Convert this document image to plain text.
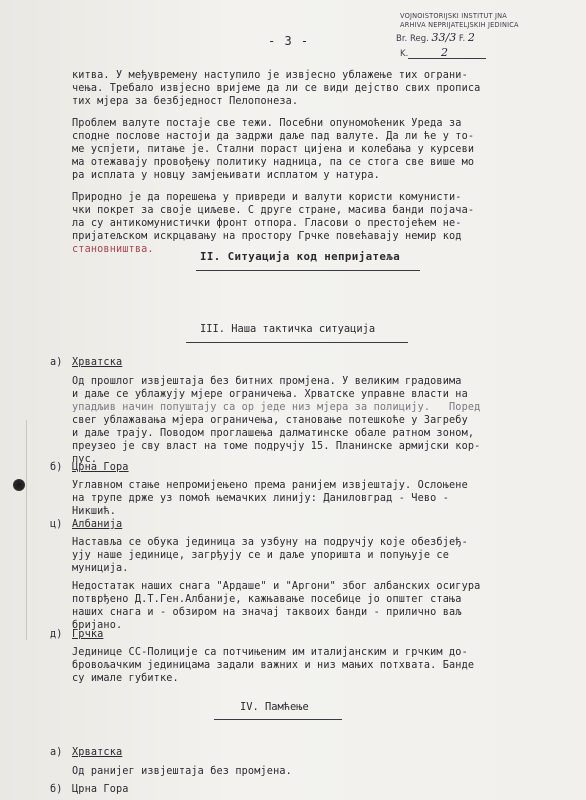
VOJNOISTORIJSKI INSTITUT JNA
ARHIVA NEPRIJATELJSKIH JEDINICA
Br. Reg. 33/3 F. 2
K.	2
- 3 -
китва. У међувремену наступило је извјесно ублажење тих ограни-
чења. Требало извјесно вријеме да ли се види дејство свих прописа
тих мјера за безбједност Пелопонеза.
Проблем валуте постаје све тежи. Посебни опуномоћеник Уреда за
сподне послове настоји да задржи даље пад валуте. Да ли ће у то-
ме успјети, питање је. Стални пораст цијена и колебања у курсеви
ма отежавају провођењу политику надница, па се стога све више мо
ра исплата у новцу замјењивати исплатом у натура.
Природно је да порешења у привреди и валути користи комунисти-
чки покрет за своје циљеве. С друге стране, масива банди појача-
ла су антикомунистички фронт отпора. Гласови о престојећем не-
пријатељском искрцавању на простору Грчке повећавају немир код
становништва.
II. Ситуација код непријатеља
III. Наша тактичка ситуација
а) Хрватска
Од прошлог извјештаја без битних промјена. У великим градовима
и даље се ублажују мјере ограничења. Хрватске управне власти на
упадљив начин попуштају са ор једе низ мјера за полицију.   Поред
свег ублажавања мјера ограничења, становање потешкоће у Загребу
и даље трају. Поводом проглашења далматинске обале ратном зоном,
преузео је сву власт на томе подручју 15. Планинске армијски кор-
пус.
б) Црна Гора
Углавном стање непромијењено према ранијем извјештају. Ослоњене
на трупе држе уз помоћ њемачких линију: Даниловград - Чево -
Никшић.
ц) Албанија
Наставља се обука јединица за узбуну на подручју које обезбјеђ-
ују наше јединице, загрђују се и даље упоришта и попуњује се
муниција.
Недостатак наших снага "Ардаше" и "Аргони" због албанских осигура
потврђено Д.Т.Ген.Албаније, кажњавање посебице јо општег стања
наших снага и - обзиром на значај таквоих банди - прилично ваљ
бријано.
д) Грчка
Јединице СС-Полиције са потчињеним им италијанским и грчким до-
бровољачким јединицама задали важних и низ мањих потхвата. Банде
су имале губитке.
IV. Памћење
а) Хрватска
Од ранијег извјештаја без промјена.
б) Црна Гора
